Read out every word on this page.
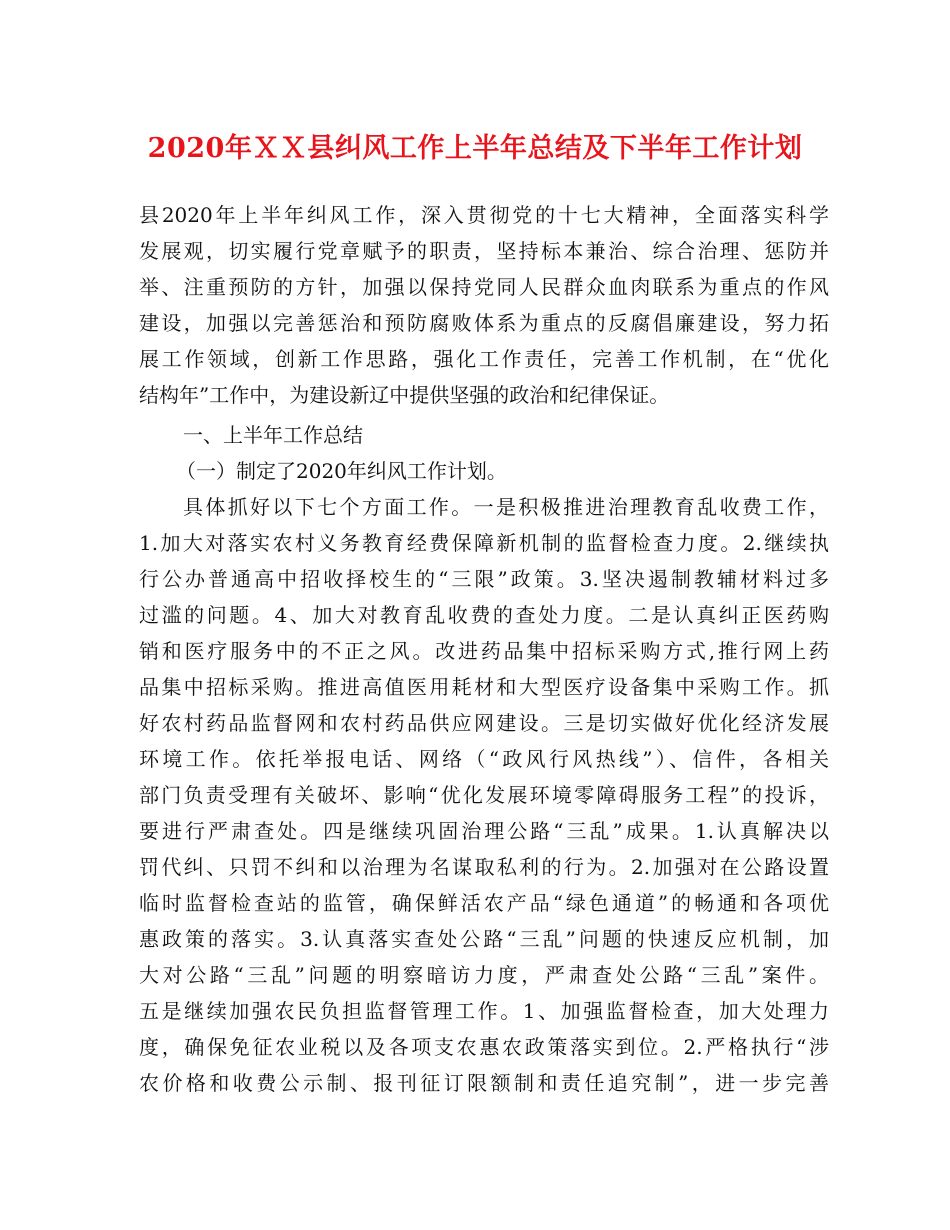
2020年ＸＸ县纠风工作上半年总结及下半年工作计划
县2020年上半年纠风工作，深入贯彻党的十七大精神，全面落实科学
发展观，切实履行党章赋予的职责，坚持标本兼治、综合治理、惩防并
举、注重预防的方针，加强以保持党同人民群众血肉联系为重点的作风
建设，加强以完善惩治和预防腐败体系为重点的反腐倡廉建设，努力拓
展工作领域，创新工作思路，强化工作责任，完善工作机制，在“优化
结构年”工作中，为建设新辽中提供坚强的政治和纪律保证。
一、上半年工作总结
（一）制定了2020年纠风工作计划。
具体抓好以下七个方面工作。一是积极推进治理教育乱收费工作，
1.加大对落实农村义务教育经费保障新机制的监督检查力度。2.继续执
行公办普通高中招收择校生的“三限”政策。3.坚决遏制教辅材料过多
过滥的问题。4、加大对教育乱收费的查处力度。二是认真纠正医药购
销和医疗服务中的不正之风。改进药品集中招标采购方式,推行网上药
品集中招标采购。推进高值医用耗材和大型医疗设备集中采购工作。抓
好农村药品监督网和农村药品供应网建设。三是切实做好优化经济发展
环境工作。依托举报电话、网络（“政风行风热线”）、信件，各相关
部门负责受理有关破坏、影响“优化发展环境零障碍服务工程”的投诉，
要进行严肃查处。四是继续巩固治理公路“三乱”成果。1.认真解决以
罚代纠、只罚不纠和以治理为名谋取私利的行为。2.加强对在公路设置
临时监督检查站的监管，确保鲜活农产品“绿色通道”的畅通和各项优
惠政策的落实。3.认真落实查处公路“三乱”问题的快速反应机制，加
大对公路“三乱”问题的明察暗访力度，严肃查处公路“三乱”案件。
五是继续加强农民负担监督管理工作。1、加强监督检查，加大处理力
度，确保免征农业税以及各项支农惠农政策落实到位。2.严格执行“涉
农价格和收费公示制、报刊征订限额制和责任追究制”，进一步完善
